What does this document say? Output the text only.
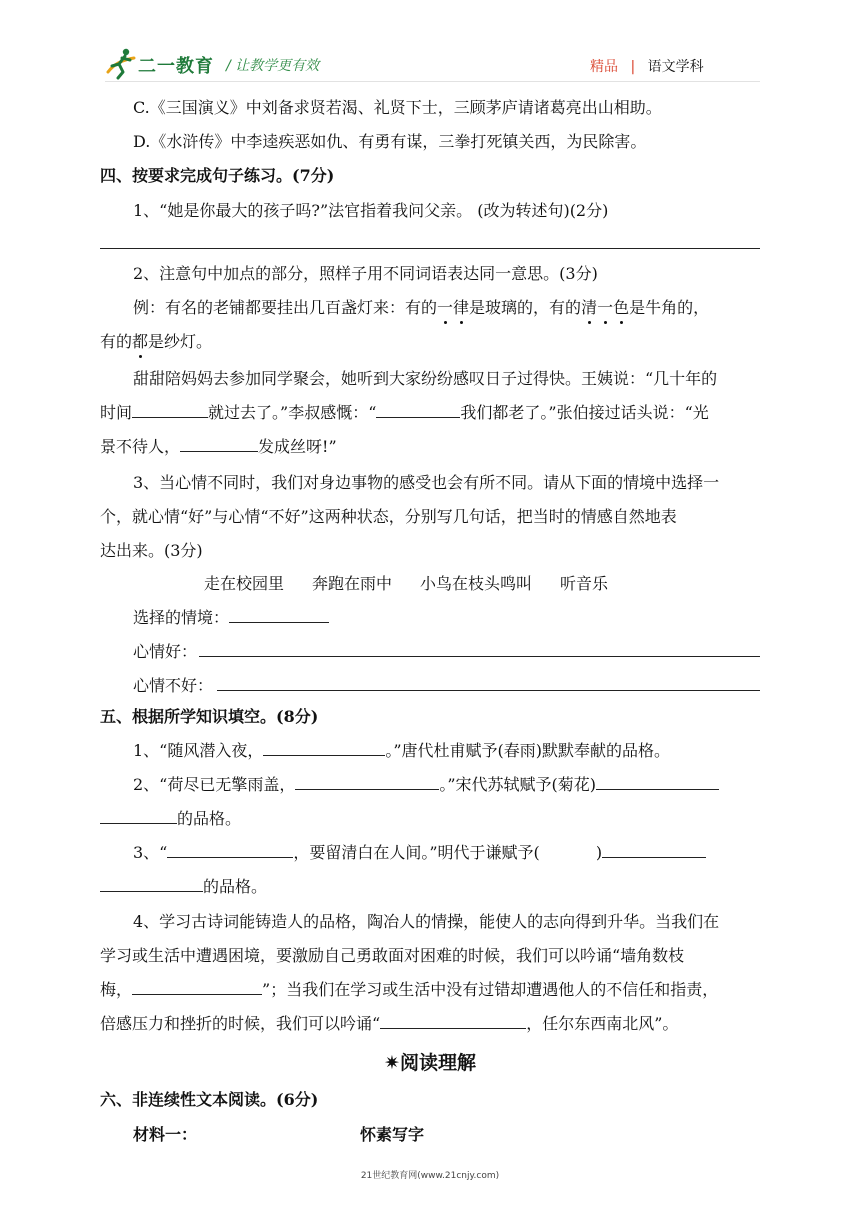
二一教育 / 让教学更有效	精品 | 语文学科
C.《三国演义》中刘备求贤若渴、礼贤下士，三顾茅庐请诸葛亮出山相助。
D.《水浒传》中李逵疾恶如仇、有勇有谋，三拳打死镇关西，为民除害。
四、按要求完成句子练习。(7分)
1、“她是你最大的孩子吗?”法官指着我问父亲。 (改为转述句)(2分)
2、注意句中加点的部分，照样子用不同词语表达同一意思。(3分)
例：有名的老铺都要挂出几百盏灯来：有的一律是玻璃的，有的清一色是牛角的，
有的都是纱灯。
甜甜陪妈妈去参加同学聚会，她听到大家纷纷感叹日子过得快。王姨说：“几十年的
时间	就过去了。”李叔感慨：“	我们都老了。”张伯接过话头说：“光
景不待人，	发成丝呀!”
3、当心情不同时，我们对身边事物的感受也会有所不同。请从下面的情境中选择一
个，就心情“好”与心情“不好”这两种状态，分别写几句话，把当时的情感自然地表
达出来。(3分)
走在校园里 奔跑在雨中 小鸟在枝头鸣叫 听音乐
选择的情境：
心情好：
心情不好：
五、根据所学知识填空。(8分)
1、“随风潜入夜，	。”唐代杜甫赋予(春雨)默默奉献的品格。
2、“荷尽已无擎雨盖，	。”宋代苏轼赋予(菊花)
的品格。
3、“	，要留清白在人间。”明代于谦赋予(	)
的品格。
4、学习古诗词能铸造人的品格，陶冶人的情操，能使人的志向得到升华。当我们在
学习或生活中遭遇困境，要激励自己勇敢面对困难的时候，我们可以吟诵“墙角数枝
梅，	”；当我们在学习或生活中没有过错却遭遇他人的不信任和指责，
倍感压力和挫折的时候，我们可以吟诵“	，任尔东西南北风”。
✷阅读理解
六、非连续性文本阅读。(6分)
材料一：	怀素写字
21世纪教育网(www.21cnjy.com)
